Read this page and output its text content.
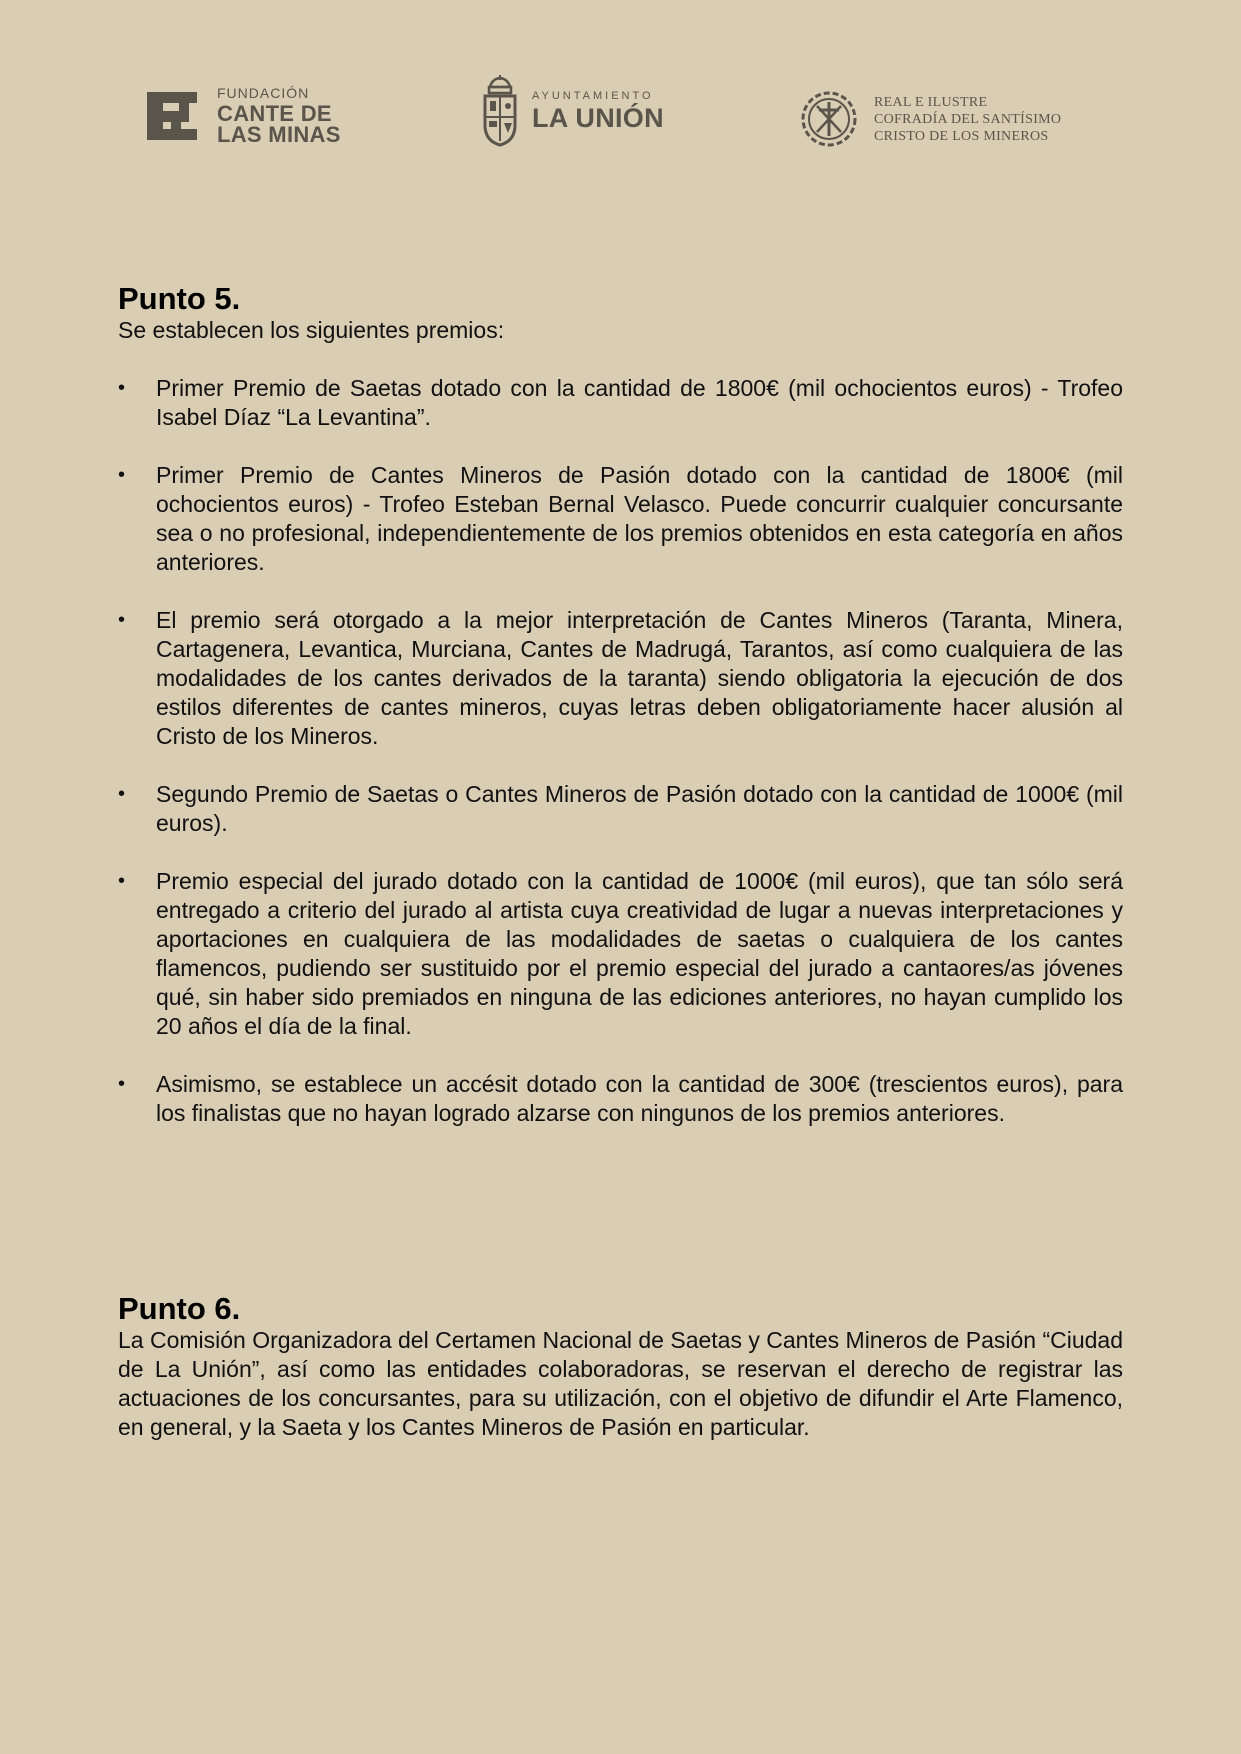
FUNDACIÓN
CANTE DE
LAS MINAS
AYUNTAMIENTO
LA UNIÓN
REAL E ILUSTRE
COFRADÍA DEL SANTÍSIMO
CRISTO DE LOS MINEROS
Punto 5.

Se establecen los siguientes premios:

• Primer Premio de Saetas dotado con la cantidad de 1800€ (mil ochocientos euros) - Trofeo Isabel Díaz “La Levantina”.
• Primer Premio de Cantes Mineros de Pasión dotado con la cantidad de 1800€ (mil ochocientos euros) - Trofeo Esteban Bernal Velasco. Puede concurrir cualquier concursante sea o no profesional, independientemente de los premios obtenidos en esta categoría en años anteriores.
• El premio será otorgado a la mejor interpretación de Cantes Mineros (Taranta, Minera, Cartagenera, Levantica, Murciana, Cantes de Madrugá, Tarantos, así como cualquiera de las modalidades de los cantes derivados de la taranta) siendo obligatoria la ejecución de dos estilos diferentes de cantes mineros, cuyas letras deben obligatoriamente hacer alusión al Cristo de los Mineros.
• Segundo Premio de Saetas o Cantes Mineros de Pasión dotado con la cantidad de 1000€ (mil euros).
• Premio especial del jurado dotado con la cantidad de 1000€ (mil euros), que tan sólo será entregado a criterio del jurado al artista cuya creatividad de lugar a nuevas interpretaciones y aportaciones en cualquiera de las modalidades de saetas o cualquiera de los cantes flamencos, pudiendo ser sustituido por el premio especial del jurado a cantaores/as jóvenes qué, sin haber sido premiados en ninguna de las ediciones anteriores, no hayan cumplido los 20 años el día de la final.
• Asimismo, se establece un accésit dotado con la cantidad de 300€ (trescientos euros), para los finalistas que no hayan logrado alzarse con ningunos de los premios anteriores.
Punto 6.

La Comisión Organizadora del Certamen Nacional de Saetas y Cantes Mineros de Pasión “Ciudad de La Unión”, así como las entidades colaboradoras, se reservan el derecho de registrar las actuaciones de los concursantes, para su utilización, con el objetivo de difundir el Arte Flamenco, en general, y la Saeta y los Cantes Mineros de Pasión en particular.
